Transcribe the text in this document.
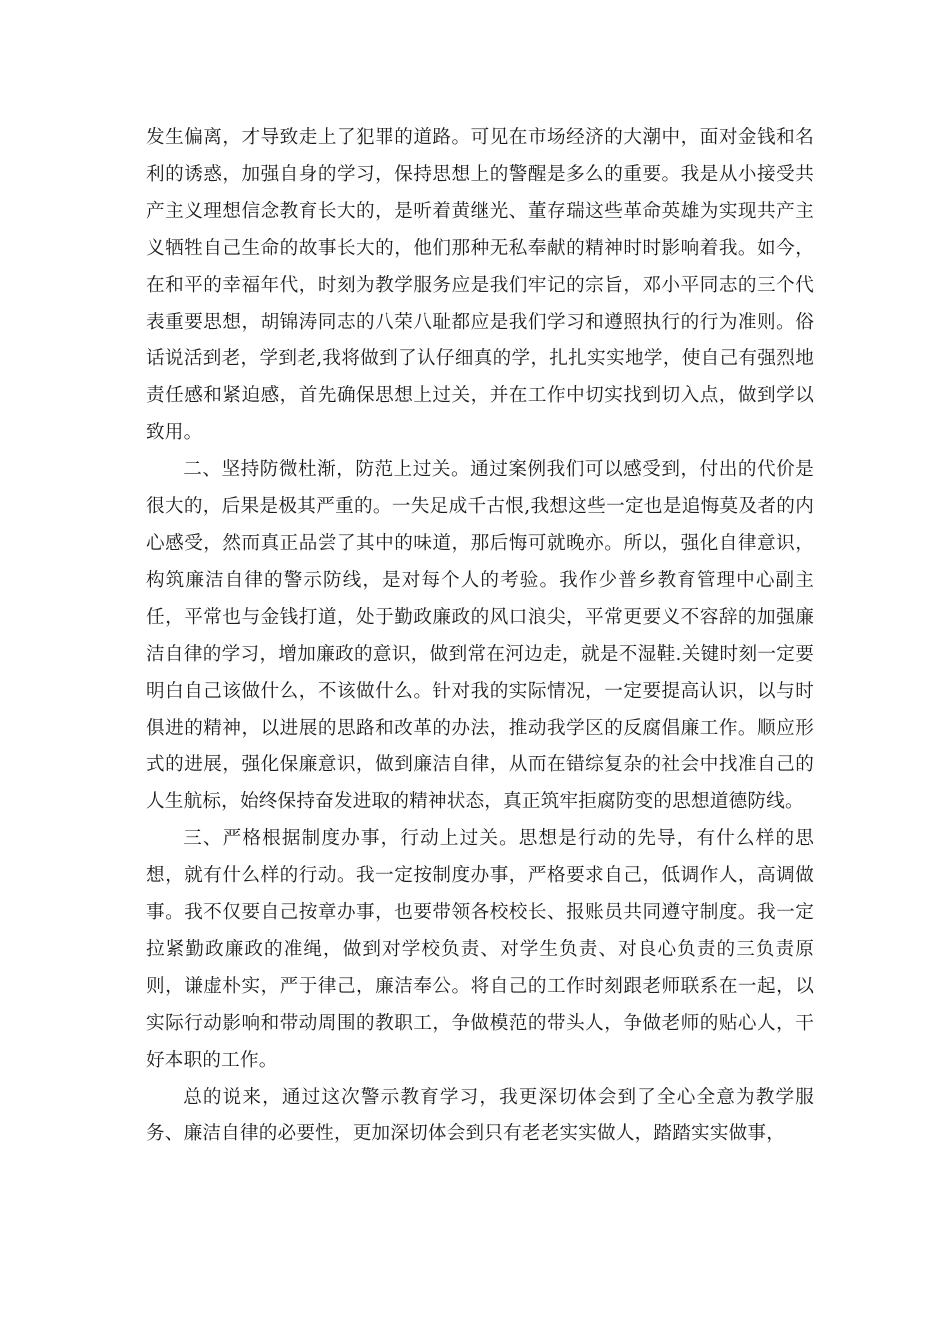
发生偏离，才导致走上了犯罪的道路。可见在市场经济的大潮中，面对金钱和名利的诱惑，加强自身的学习，保持思想上的警醒是多么的重要。我是从小接受共产主义理想信念教育长大的，是听着黄继光、董存瑞这些革命英雄为实现共产主义牺牲自己生命的故事长大的，他们那种无私奉献的精神时时影响着我。如今，在和平的幸福年代，时刻为教学服务应是我们牢记的宗旨，邓小平同志的三个代表重要思想，胡锦涛同志的八荣八耻都应是我们学习和遵照执行的行为准则。俗话说活到老，学到老,我将做到了认仔细真的学，扎扎实实地学，使自己有强烈地责任感和紧迫感，首先确保思想上过关，并在工作中切实找到切入点，做到学以致用。

二、坚持防微杜渐，防范上过关。通过案例我们可以感受到，付出的代价是很大的，后果是极其严重的。一失足成千古恨,我想这些一定也是追悔莫及者的内心感受，然而真正品尝了其中的味道，那后悔可就晚亦。所以，强化自律意识，构筑廉洁自律的警示防线，是对每个人的考验。我作少普乡教育管理中心副主任，平常也与金钱打道，处于勤政廉政的风口浪尖，平常更要义不容辞的加强廉洁自律的学习，增加廉政的意识，做到常在河边走，就是不湿鞋.关键时刻一定要明白自己该做什么，不该做什么。针对我的实际情况，一定要提高认识，以与时俱进的精神，以进展的思路和改革的办法，推动我学区的反腐倡廉工作。顺应形式的进展，强化保廉意识，做到廉洁自律，从而在错综复杂的社会中找准自己的人生航标，始终保持奋发进取的精神状态，真正筑牢拒腐防变的思想道德防线。

三、严格根据制度办事，行动上过关。思想是行动的先导，有什么样的思想，就有什么样的行动。我一定按制度办事，严格要求自己，低调作人，高调做事。我不仅要自己按章办事，也要带领各校校长、报账员共同遵守制度。我一定拉紧勤政廉政的准绳，做到对学校负责、对学生负责、对良心负责的三负责原则，谦虚朴实，严于律己，廉洁奉公。将自己的工作时刻跟老师联系在一起，以实际行动影响和带动周围的教职工，争做模范的带头人，争做老师的贴心人，干好本职的工作。

总的说来，通过这次警示教育学习，我更深切体会到了全心全意为教学服务、廉洁自律的必要性，更加深切体会到只有老老实实做人，踏踏实实做事，
